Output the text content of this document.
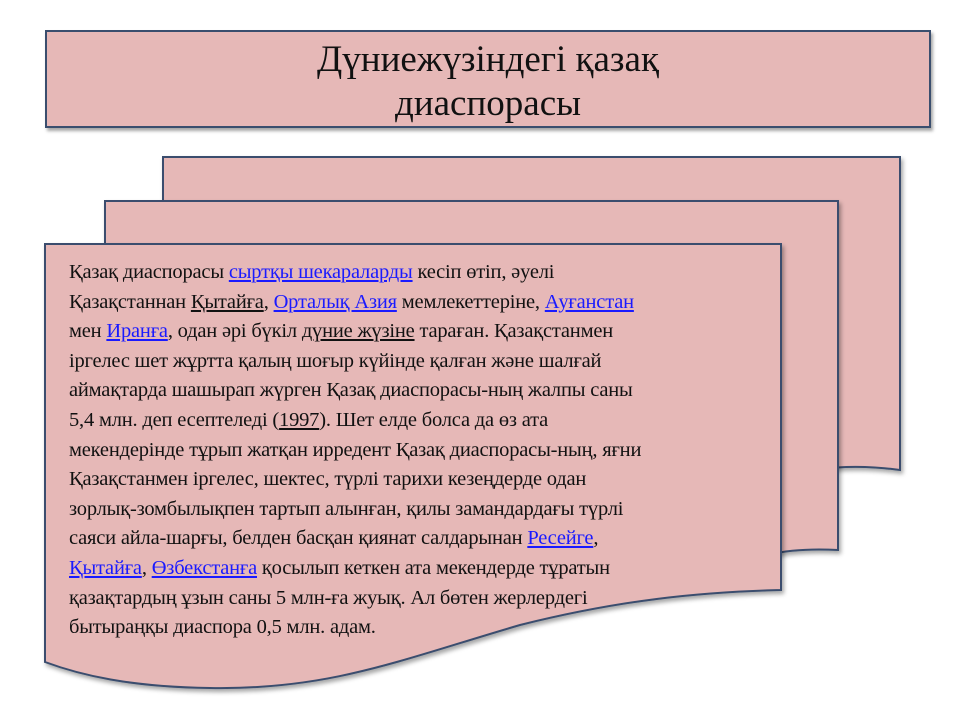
Дүниежүзіндегі қазақ
диаспорасы
Қазақ диаспорасы сыртқы шекараларды кесіп өтіп, әуелі
Қазақстаннан Қытайға, Орталық Азия мемлекеттеріне, Ауғанстан
мен Иранға, одан әрі бүкіл дүние жүзіне тараған. Қазақстанмен
іргелес шет жұртта қалың шоғыр күйінде қалған және шалғай
аймақтарда шашырап жүрген Қазақ диаспорасы-ның жалпы саны
5,4 млн. деп есептеледі (1997). Шет елде болса да өз ата
мекендерінде тұрып жатқан ирредент Қазақ диаспорасы-ның, яғни
Қазақстанмен іргелес, шектес, түрлі тарихи кезеңдерде одан
зорлық-зомбылықпен тартып алынған, қилы замандардағы түрлі
саяси айла-шарғы, белден басқан қиянат салдарынан Ресейге,
Қытайға, Өзбекстанға қосылып кеткен ата мекендерде тұратын
қазақтардың ұзын саны 5 млн-ға жуық. Ал бөтен жерлердегі
бытыраңқы диаспора 0,5 млн. адам.
